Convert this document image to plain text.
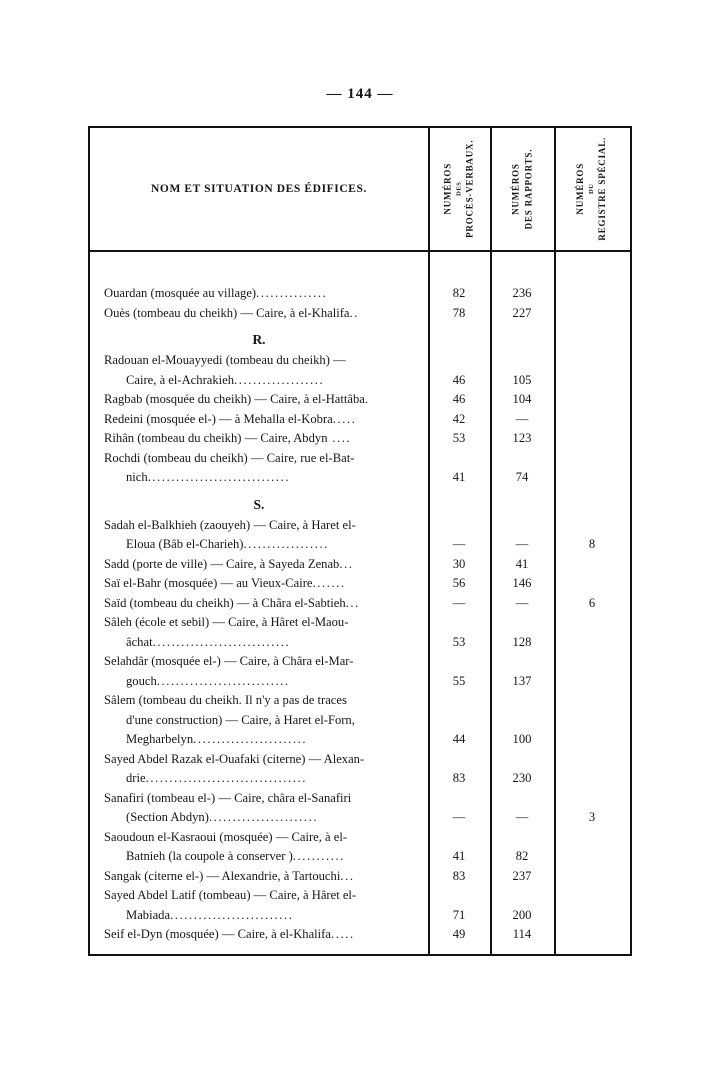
— 144 —
NOM ET SITUATION DES ÉDIFICES.	NUMÉROS DES PROCÈS-VERBAUX.	NUMÉROS DES RAPPORTS.	NUMÉROS DU REGISTRE SPÉCIAL.
Ouardan (mosquée au village)...............	82	236
Ouès (tombeau du cheikh) — Caire, à el-Khalifa..	78	227
R.
Radouan el-Mouayyedi (tombeau du cheikh) —
Caire, à el-Achrakieh...................	46	105
Ragbab (mosquée du cheikh) — Caire, à el-Hattâba.	46	104
Redeini (mosquée el-) — à Mehalla el-Kobra.....	42	—
Rihân (tombeau du cheikh) — Caire, Abdyn ....	53	123
Rochdi (tombeau du cheikh) — Caire, rue el-Bat-
nich..............................	41	74
S.
Sadah el-Balkhieh (zaouyeh) — Caire, à Haret el-
Eloua (Bâb el-Charieh)..................	—	—	8
Sadd (porte de ville) — Caire, à Sayeda Zenab...	30	41
Saï el-Bahr (mosquée) — au Vieux-Caire.......	56	146
Saïd (tombeau du cheikh) — à Châra el-Sabtieh...	—	—	6
Sâleh (école et sebil) — Caire, à Hâret el-Maou-
âchat.............................	53	128
Selahdâr (mosquée el-) — Caire, à Châra el-Mar-
gouch............................	55	137
Sâlem (tombeau du cheikh. Il n'y a pas de traces
d'une construction) — Caire, à Haret el-Forn,
Megharbelyn........................	44	100
Sayed Abdel Razak el-Ouafaki (citerne) — Alexan-
drie..................................	83	230
Sanafiri (tombeau el-) — Caire, châra el-Sanafiri
(Section Abdyn).......................	—	—	3
Saoudoun el-Kasraoui (mosquée) — Caire, à el-
Batnieh (la coupole à conserver )...........	41	82
Sangak (citerne el-) — Alexandrie, à Tartouchi...	83	237
Sayed Abdel Latif (tombeau) — Caire, à Hâret el-
Mabiada..........................	71	200
Seif el-Dyn (mosquée) — Caire, à el-Khalifa.....	49	114
